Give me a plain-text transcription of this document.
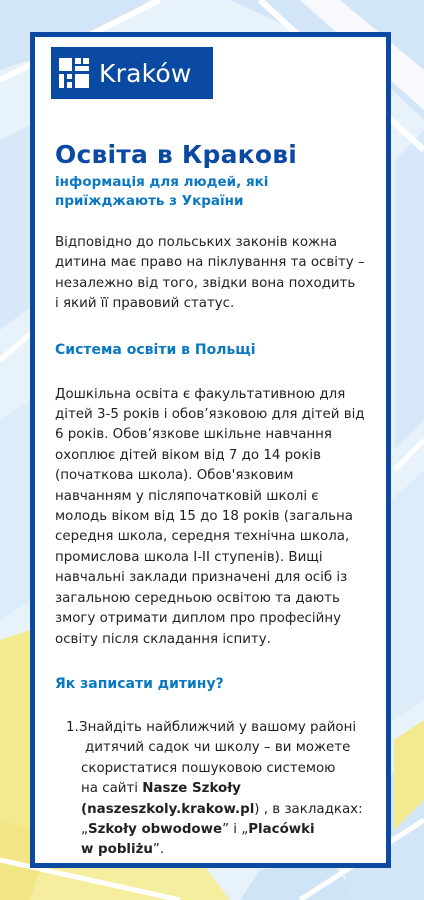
Kraków
Освіта в Кракові
інформація для людей, які
приїжджають з України

Відповідно до польських законів кожна
дитина має право на піклування та освіту –
незалежно від того, звідки вона походить
і який її правовий статус.

Система освіти в Польщі

Дошкільна освіта є факультативною для
дітей 3-5 років і обов’язковою для дітей від
6 років. Обов’язкове шкільне навчання
охоплює дітей віком від 7 до 14 років
(початкова школа). Обов'язковим
навчанням у післяпочатковій школі є
молодь віком від 15 до 18 років (загальна
середня школа, середня технічна школа,
промислова школа I-II ступенів). Вищі
навчальні заклади призначені для осіб із
загальною середньою освітою та дають
змогу отримати диплом про професійну
освіту після складання іспиту.

Як записати дитину?
1. Знайдіть найближчий у вашому районі
дитячий садок чи школу – ви можете
скористатися пошуковою системою
на сайті Nasze Szkoły
(naszeszkoly.krakow.pl) , в закладках:
„Szkoły obwodowe” і „Placówki
w pobliżu”.
